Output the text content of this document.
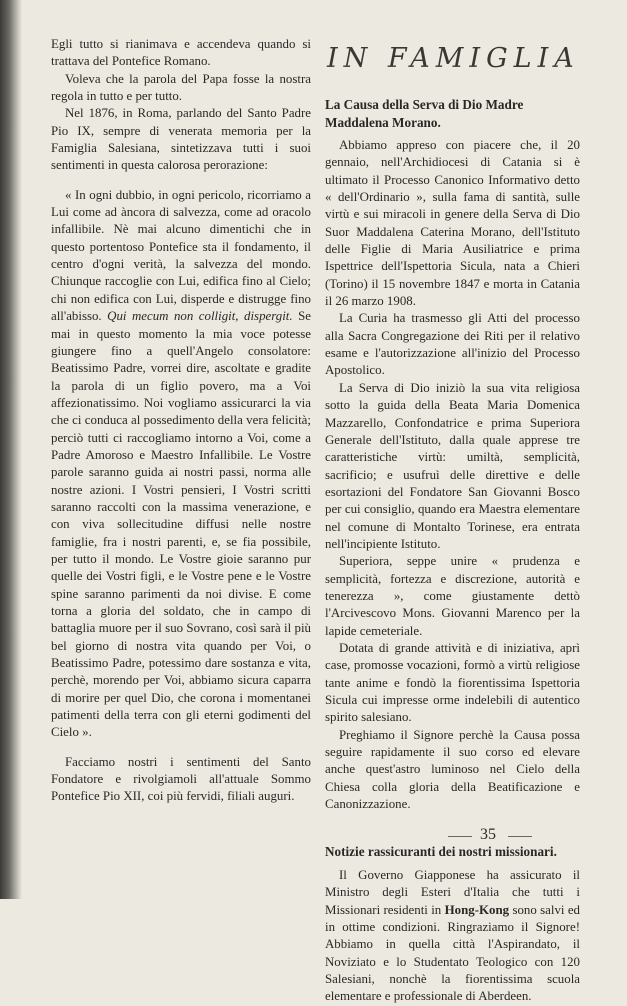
Egli tutto si rianimava e accendeva quando si trattava del Pontefice Romano.

Voleva che la parola del Papa fosse la nostra regola in tutto e per tutto.

Nel 1876, in Roma, parlando del Santo Padre Pio IX, sempre di venerata memoria per la Famiglia Salesiana, sintetizzava tutti i suoi sentimenti in questa calorosa perorazione:

« In ogni dubbio, in ogni pericolo, ricorriamo a Lui come ad àncora di salvezza, come ad oracolo infallibile. Nè mai alcuno dimentichi che in questo portentoso Pontefice sta il fondamento, il centro d'ogni verità, la salvezza del mondo. Chiunque raccoglie con Lui, edifica fino al Cielo; chi non edifica con Lui, disperde e distrugge fino all'abisso. Qui mecum non colligit, dispergit. Se mai in questo momento la mia voce potesse giungere fino a quell'Angelo consolatore: Beatissimo Padre, vorrei dire, ascoltate e gradite la parola di un figlio povero, ma a Voi affezionatissimo. Noi vogliamo assicurarci la via che ci conduca al possedimento della vera felicità; perciò tutti ci raccogliamo intorno a Voi, come a Padre Amoroso e Maestro Infallibile. Le Vostre parole saranno guida ai nostri passi, norma alle nostre azioni. I Vostri pensieri, I Vostri scritti saranno raccolti con la massima venerazione, e con viva sollecitudine diffusi nelle nostre famiglie, fra i nostri parenti, e, se fia possibile, per tutto il mondo. Le Vostre gioie saranno pur quelle dei Vostri figli, e le Vostre pene e le Vostre spine saranno parimenti da noi divise. E come torna a gloria del soldato, che in campo di battaglia muore per il suo Sovrano, così sarà il più bel giorno di nostra vita quando per Voi, o Beatissimo Padre, potessimo dare sostanza e vita, perchè, morendo per Voi, abbiamo sicura caparra di morire per quel Dio, che corona i momentanei patimenti della terra con gli eterni godimenti del Cielo ».

Facciamo nostri i sentimenti del Santo Fondatore e rivolgiamoli all'attuale Sommo Pontefice Pio XII, coi più fervidi, filiali auguri.

IN FAMIGLIA
La Causa della Serva di Dio Madre Maddalena Morano.

Abbiamo appreso con piacere che, il 20 gennaio, nell'Archidiocesi di Catania si è ultimato il Processo Canonico Informativo detto « dell'Ordinario », sulla fama di santità, sulle virtù e sui miracoli in genere della Serva di Dio Suor Maddalena Caterina Morano, dell'Istituto delle Figlie di Maria Ausiliatrice e prima Ispettrice dell'Ispettoria Sicula, nata a Chieri (Torino) il 15 novembre 1847 e morta in Catania il 26 marzo 1908.

La Curia ha trasmesso gli Atti del processo alla Sacra Congregazione dei Riti per il relativo esame e l'autorizzazione all'inizio del Processo Apostolico.

La Serva di Dio iniziò la sua vita religiosa sotto la guida della Beata Maria Domenica Mazzarello, Confondatrice e prima Superiora Generale dell'Istituto, dalla quale apprese tre caratteristiche virtù: umiltà, semplicità, sacrificio; e usufruì delle direttive e delle esortazioni del Fondatore San Giovanni Bosco per cui consiglio, quando era Maestra elementare nel comune di Montalto Torinese, era entrata nell'incipiente Istituto.

Superiora, seppe unire « prudenza e semplicità, fortezza e discrezione, autorità e tenerezza », come giustamente dettò l'Arcivescovo Mons. Giovanni Marenco per la lapide cemeteriale.

Dotata di grande attività e di iniziativa, aprì case, promosse vocazioni, formò a virtù religiose tante anime e fondò la fiorentissima Ispettoria Sicula cui impresse orme indelebili di autentico spirito salesiano.

Preghiamo il Signore perchè la Causa possa seguire rapidamente il suo corso ed elevare anche quest'astro luminoso nel Cielo della Chiesa colla gloria della Beatificazione e Canonizzazione.

Notizie rassicuranti dei nostri missionari.

Il Governo Giapponese ha assicurato il Ministro degli Esteri d'Italia che tutti i Missionari residenti in Hong-Kong sono salvi ed in ottime condizioni. Ringraziamo il Signore! Abbiamo in quella città l'Aspirandato, il Noviziato e lo Studentato Teologico con 120 Salesiani, nonchè la fiorentissima scuola elementare e professionale di Aberdeen.

35
